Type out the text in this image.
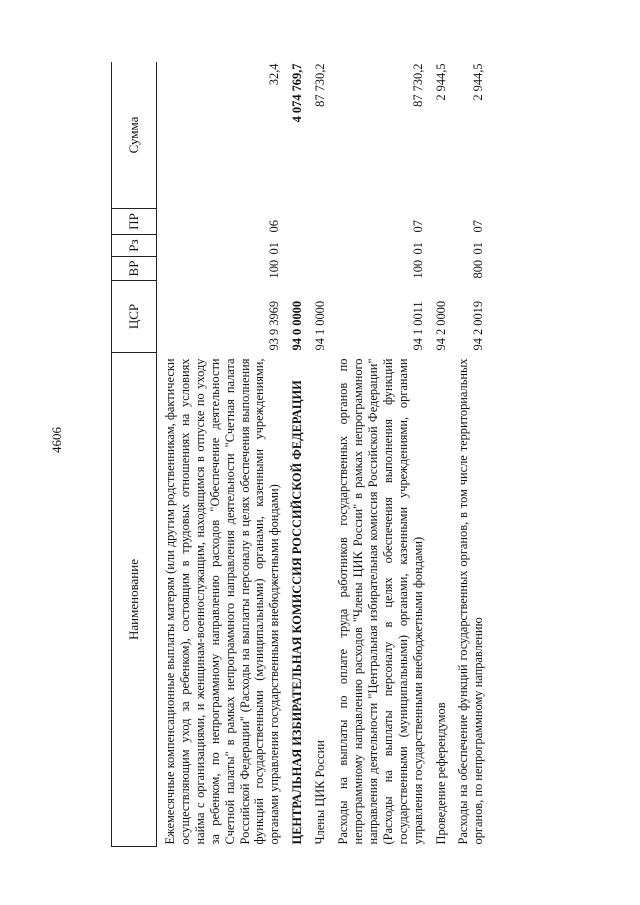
4606
Наименование	ЦСР	ВР	Рз	ПР	Сумма
Ежемесячные компенсационные выплаты матерям (или другим родственникам, фактически осуществляющим уход за ребенком), состоящим в трудовых отношениях на условиях найма с организациями, и женщинам-военнослужащим, находящимся в отпуске по уходу за ребенком, по непрограммному направлению расходов "Обеспечение деятельности Счетной палаты" в рамках непрограммного направления деятельности "Счетная палата Российской Федерации" (Расходы на выплаты персоналу в целях обеспечения выполнения функций государственными (муниципальными) органами, казенными учреждениями, органами управления государственными внебюджетными фондами)	93 9 3969	100	01	06	32,4
ЦЕНТРАЛЬНАЯ ИЗБИРАТЕЛЬНАЯ КОМИССИЯ РОССИЙСКОЙ ФЕДЕРАЦИИ	94 0 0000				4 074 769,7
Члены ЦИК России	94 1 0000				87 730,2
Расходы на выплаты по оплате труда работников государственных органов по непрограммному направлению расходов "Члены ЦИК России" в рамках непрограммного направления деятельности "Центральная избирательная комиссия Российской Федерации" (Расходы на выплаты персоналу в целях обеспечения выполнения функций государственными (муниципальными) органами, казенными учреждениями, органами управления государственными внебюджетными фондами)	94 1 0011	100	01	07	87 730,2
Проведение референдумов	94 2 0000				2 944,5
Расходы на обеспечение функций государственных органов, в том числе территориальных органов, по непрограммному направлению	94 2 0019	800	01	07	2 944,5
